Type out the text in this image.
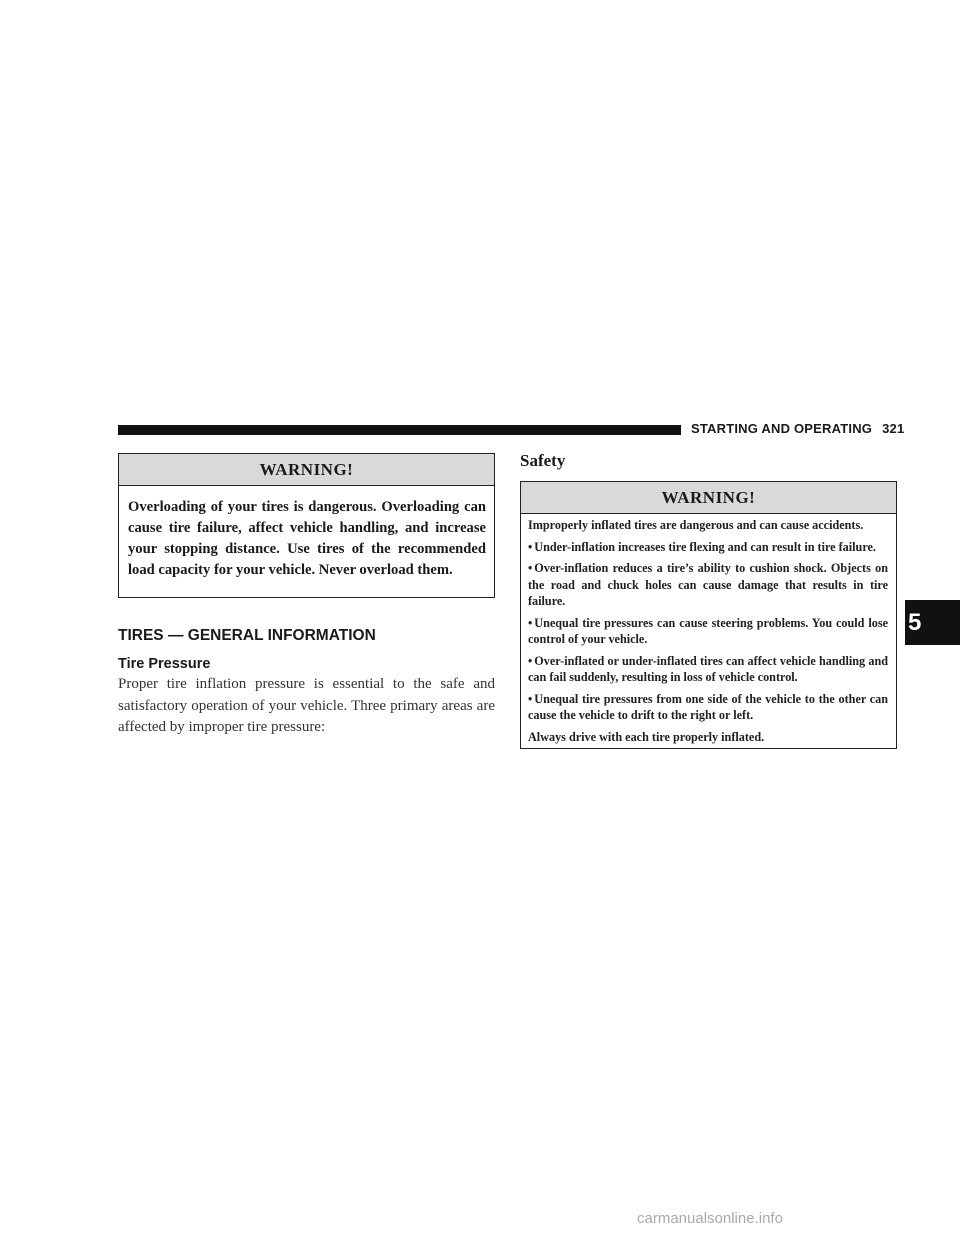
STARTING AND OPERATING 321
WARNING!
Overloading of your tires is dangerous. Overloading can cause tire failure, affect vehicle handling, and increase your stopping distance. Use tires of the recommended load capacity for your vehicle. Never overload them.
TIRES — GENERAL INFORMATION
Tire Pressure
Proper tire inflation pressure is essential to the safe and satisfactory operation of your vehicle. Three primary areas are affected by improper tire pressure:
Safety
WARNING!
Improperly inflated tires are dangerous and can cause accidents.
• Under-inflation increases tire flexing and can result in tire failure.
• Over-inflation reduces a tire’s ability to cushion shock. Objects on the road and chuck holes can cause damage that results in tire failure.
• Unequal tire pressures can cause steering problems. You could lose control of your vehicle.
• Over-inflated or under-inflated tires can affect vehicle handling and can fail suddenly, resulting in loss of vehicle control.
• Unequal tire pressures from one side of the vehicle to the other can cause the vehicle to drift to the right or left.
Always drive with each tire properly inflated.
5
carmanualsonline.info
